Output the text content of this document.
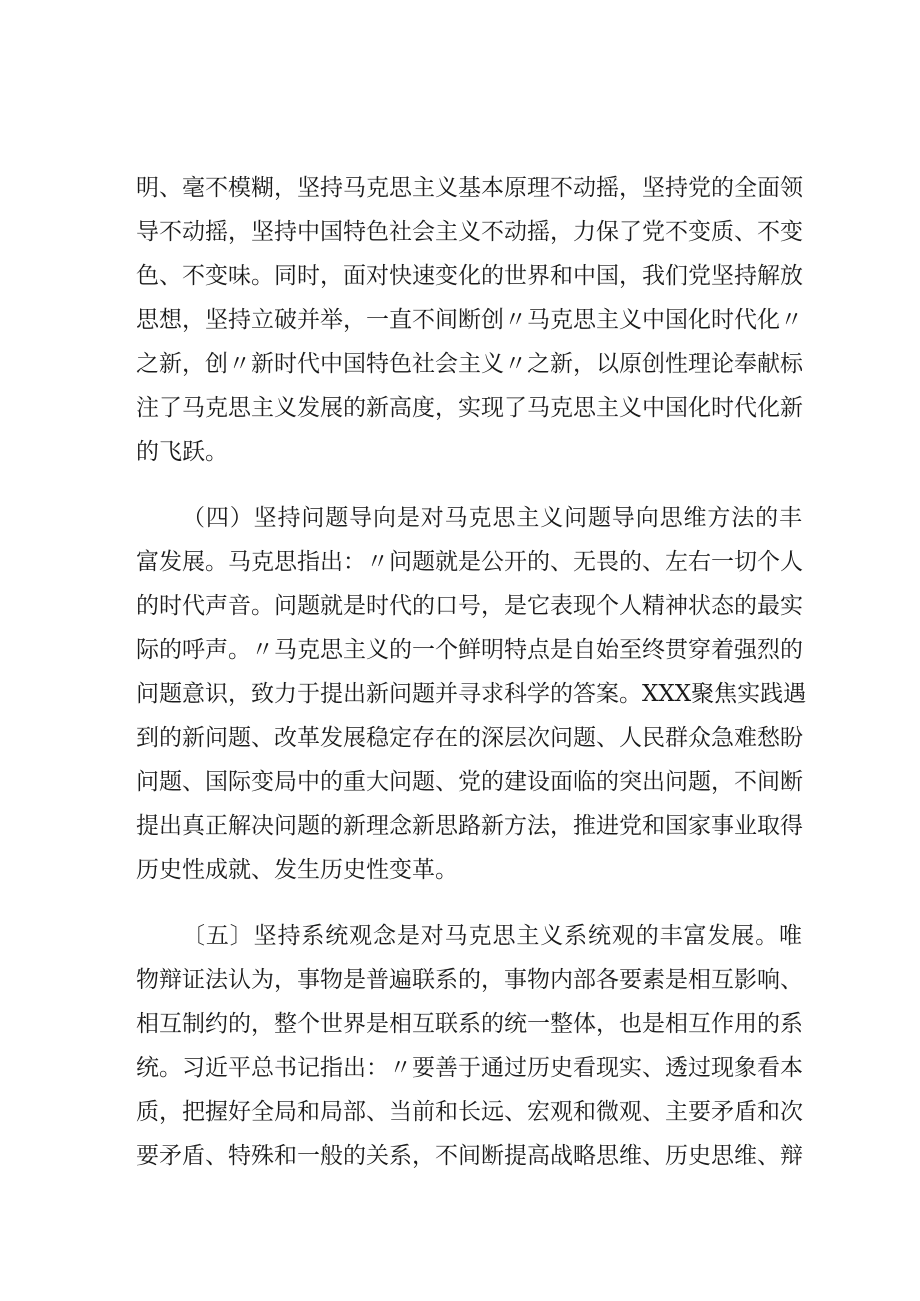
明、毫不模糊，坚持马克思主义基本原理不动摇，坚持党的全面领
导不动摇，坚持中国特色社会主义不动摇，力保了党不变质、不变
色、不变味。同时，面对快速变化的世界和中国，我们党坚持解放
思想，坚持立破并举，一直不间断创〃马克思主义中国化时代化〃
之新，创〃新时代中国特色社会主义〃之新，以原创性理论奉献标
注了马克思主义发展的新高度，实现了马克思主义中国化时代化新
的飞跃。
（四）坚持问题导向是对马克思主义问题导向思维方法的丰
富发展。马克思指出：〃问题就是公开的、无畏的、左右一切个人
的时代声音。问题就是时代的口号，是它表现个人精神状态的最实
际的呼声。〃马克思主义的一个鲜明特点是自始至终贯穿着强烈的
问题意识，致力于提出新问题并寻求科学的答案。XXX聚焦实践遇
到的新问题、改革发展稳定存在的深层次问题、人民群众急难愁盼
问题、国际变局中的重大问题、党的建设面临的突出问题，不间断
提出真正解决问题的新理念新思路新方法，推进党和国家事业取得
历史性成就、发生历史性变革。
〔五〕坚持系统观念是对马克思主义系统观的丰富发展。唯
物辩证法认为，事物是普遍联系的，事物内部各要素是相互影响、
相互制约的，整个世界是相互联系的统一整体，也是相互作用的系
统。习近平总书记指出：〃要善于通过历史看现实、透过现象看本
质，把握好全局和局部、当前和长远、宏观和微观、主要矛盾和次
要矛盾、特殊和一般的关系，不间断提高战略思维、历史思维、辩
